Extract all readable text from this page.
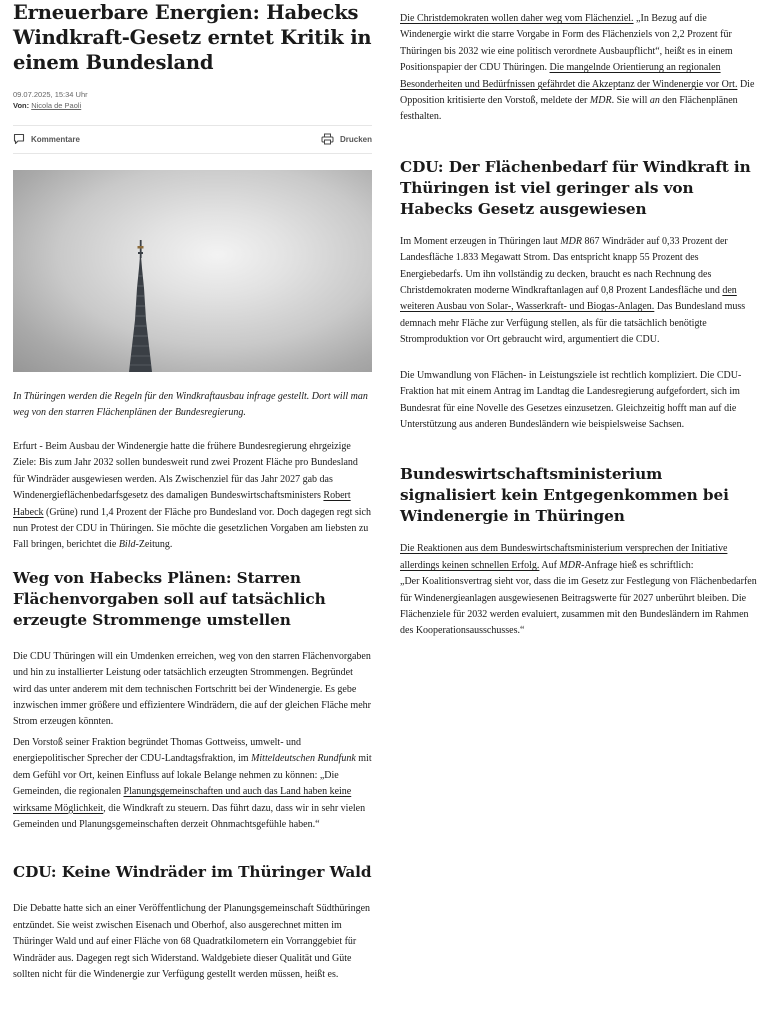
Erneuerbare Energien: Habecks Windkraft-Gesetz erntet Kritik in einem Bundesland
09.07.2025, 15:34 Uhr
Von: Nicola de Paoli
Kommentare	Drucken

In Thüringen werden die Regeln für den Windkraftausbau infrage gestellt. Dort will man weg von den starren Flächenplänen der Bundesregierung.

Erfurt - Beim Ausbau der Windenergie hatte die frühere Bundesregierung ehrgeizige Ziele: Bis zum Jahr 2032 sollen bundesweit rund zwei Prozent Fläche pro Bundesland für Windräder ausgewiesen werden. Als Zwischenziel für das Jahr 2027 gab das Windenergieflächenbedarfsgesetz des damaligen Bundeswirtschaftsministers Robert Habeck (Grüne) rund 1,4 Prozent der Fläche pro Bundesland vor. Doch dagegen regt sich nun Protest der CDU in Thüringen. Sie möchte die gesetzlichen Vorgaben am liebsten zu Fall bringen, berichtet die Bild-Zeitung.

Weg von Habecks Plänen: Starren Flächenvorgaben soll auf tatsächlich erzeugte Strommenge umstellen

Die CDU Thüringen will ein Umdenken erreichen, weg von den starren Flächenvorgaben und hin zu installierter Leistung oder tatsächlich erzeugten Strommengen. Begründet wird das unter anderem mit dem technischen Fortschritt bei der Windenergie. Es gebe inzwischen immer größere und effizientere Windrädern, die auf der gleichen Fläche mehr Strom erzeugen könnten.

Den Vorstoß seiner Fraktion begründet Thomas Gottweiss, umwelt- und energiepolitischer Sprecher der CDU-Landtagsfraktion, im Mitteldeutschen Rundfunk mit dem Gefühl vor Ort, keinen Einfluss auf lokale Belange nehmen zu können: „Die Gemeinden, die regionalen Planungsgemeinschaften und auch das Land haben keine wirksame Möglichkeit, die Windkraft zu steuern. Das führt dazu, dass wir in sehr vielen Gemeinden und Planungsgemeinschaften derzeit Ohnmachtsgefühle haben.“

CDU: Keine Windräder im Thüringer Wald

Die Debatte hatte sich an einer Veröffentlichung der Planungsgemeinschaft Südthüringen entzündet. Sie weist zwischen Eisenach und Oberhof, also ausgerechnet mitten im Thüringer Wald und auf einer Fläche von 68 Quadratkilometern ein Vorranggebiet für Windräder aus. Dagegen regt sich Widerstand. Waldgebiete dieser Qualität und Güte sollten nicht für die Windenergie zur Verfügung gestellt werden müssen, heißt es.

Die Christdemokraten wollen daher weg vom Flächenziel. „In Bezug auf die Windenergie wirkt die starre Vorgabe in Form des Flächenziels von 2,2 Prozent für Thüringen bis 2032 wie eine politisch verordnete Ausbaupflicht“, heißt es in einem Positionspapier der CDU Thüringen. Die mangelnde Orientierung an regionalen Besonderheiten und Bedürfnissen gefährdet die Akzeptanz der Windenergie vor Ort. Die Opposition kritisierte den Vorstoß, meldete der MDR. Sie will an den Flächenplänen festhalten.

CDU: Der Flächenbedarf für Windkraft in Thüringen ist viel geringer als von Habecks Gesetz ausgewiesen

Im Moment erzeugen in Thüringen laut MDR 867 Windräder auf 0,33 Prozent der Landesfläche 1.833 Megawatt Strom. Das entspricht knapp 55 Prozent des Energiebedarfs. Um ihn vollständig zu decken, braucht es nach Rechnung des Christdemokraten moderne Windkraftanlagen auf 0,8 Prozent Landesfläche und den weiteren Ausbau von Solar-, Wasserkraft- und Biogas-Anlagen. Das Bundesland muss demnach mehr Fläche zur Verfügung stellen, als für die tatsächlich benötigte Stromproduktion vor Ort gebraucht wird, argumentiert die CDU.

Die Umwandlung von Flächen- in Leistungsziele ist rechtlich kompliziert. Die CDU-Fraktion hat mit einem Antrag im Landtag die Landesregierung aufgefordert, sich im Bundesrat für eine Novelle des Gesetzes einzusetzen. Gleichzeitig hofft man auf die Unterstützung aus anderen Bundesländern wie beispielsweise Sachsen.

Bundeswirtschaftsministerium signalisiert kein Entgegenkommen bei Windenergie in Thüringen

Die Reaktionen aus dem Bundeswirtschaftsministerium versprechen der Initiative allerdings keinen schnellen Erfolg. Auf MDR-Anfrage hieß es schriftlich:

„Der Koalitionsvertrag sieht vor, dass die im Gesetz zur Festlegung von Flächenbedarfen für Windenergieanlagen ausgewiesenen Beitragswerte für 2027 unberührt bleiben. Die Flächenziele für 2032 werden evaluiert, zusammen mit den Bundesländern im Rahmen des Kooperationsausschusses.“
